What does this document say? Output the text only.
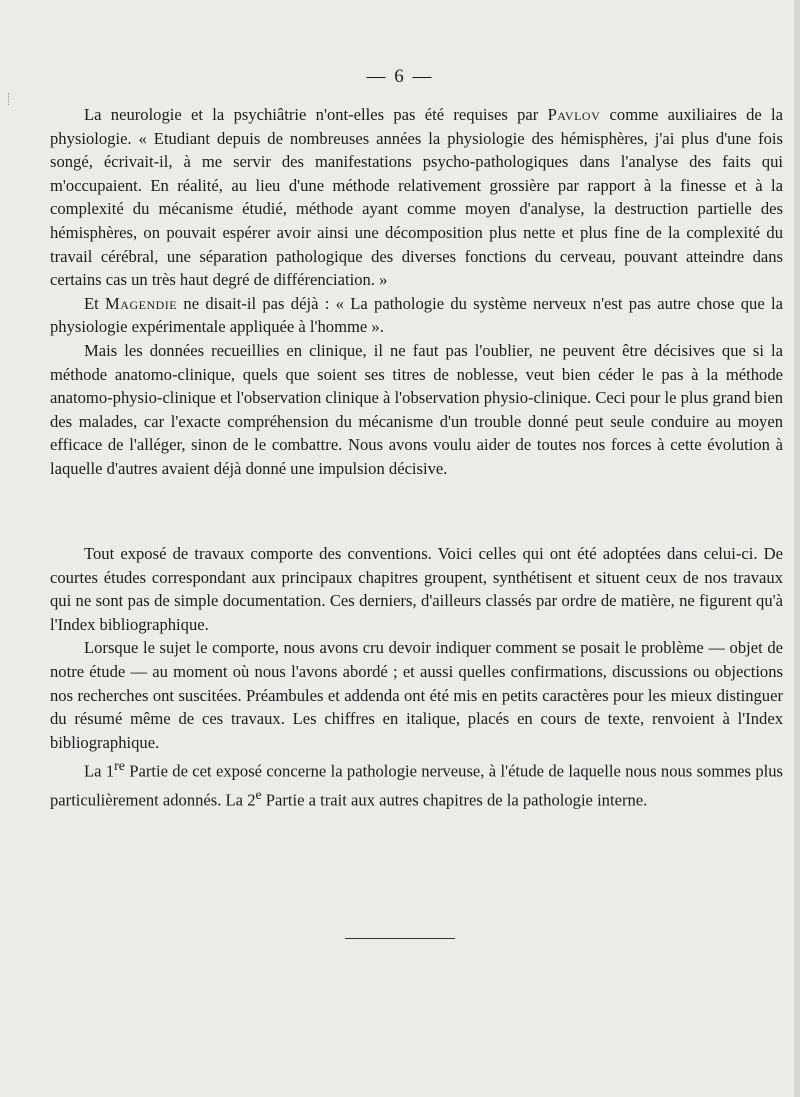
— 6 —

La neurologie et la psychiâtrie n'ont-elles pas été requises par Pavlov comme auxiliaires de la physiologie. « Etudiant depuis de nombreuses années la physiologie des hémisphères, j'ai plus d'une fois songé, écrivait-il, à me servir des manifestations psycho-pathologiques dans l'analyse des faits qui m'occupaient. En réalité, au lieu d'une méthode relativement grossière par rapport à la finesse et à la complexité du mécanisme étudié, méthode ayant comme moyen d'analyse, la destruction partielle des hémisphères, on pouvait espérer avoir ainsi une décomposition plus nette et plus fine de la complexité du travail cérébral, une séparation pathologique des diverses fonctions du cerveau, pouvant atteindre dans certains cas un très haut degré de différenciation. »

Et Magendie ne disait-il pas déjà : « La pathologie du système nerveux n'est pas autre chose que la physiologie expérimentale appliquée à l'homme ».

Mais les données recueillies en clinique, il ne faut pas l'oublier, ne peuvent être décisives que si la méthode anatomo-clinique, quels que soient ses titres de noblesse, veut bien céder le pas à la méthode anatomo-physio-clinique et l'observation clinique à l'observation physio-clinique. Ceci pour le plus grand bien des malades, car l'exacte compréhension du mécanisme d'un trouble donné peut seule conduire au moyen efficace de l'alléger, sinon de le combattre. Nous avons voulu aider de toutes nos forces à cette évolution à laquelle d'autres avaient déjà donné une impulsion décisive.

Tout exposé de travaux comporte des conventions. Voici celles qui ont été adoptées dans celui-ci. De courtes études correspondant aux principaux chapitres groupent, synthétisent et situent ceux de nos travaux qui ne sont pas de simple documentation. Ces derniers, d'ailleurs classés par ordre de matière, ne figurent qu'à l'Index bibliographique.

Lorsque le sujet le comporte, nous avons cru devoir indiquer comment se posait le problème — objet de notre étude — au moment où nous l'avons abordé ; et aussi quelles confirmations, discussions ou objections nos recherches ont suscitées. Préambules et addenda ont été mis en petits caractères pour les mieux distinguer du résumé même de ces travaux. Les chiffres en italique, placés en cours de texte, renvoient à l'Index bibliographique.

La 1re Partie de cet exposé concerne la pathologie nerveuse, à l'étude de laquelle nous nous sommes plus particulièrement adonnés. La 2e Partie a trait aux autres chapitres de la pathologie interne.
